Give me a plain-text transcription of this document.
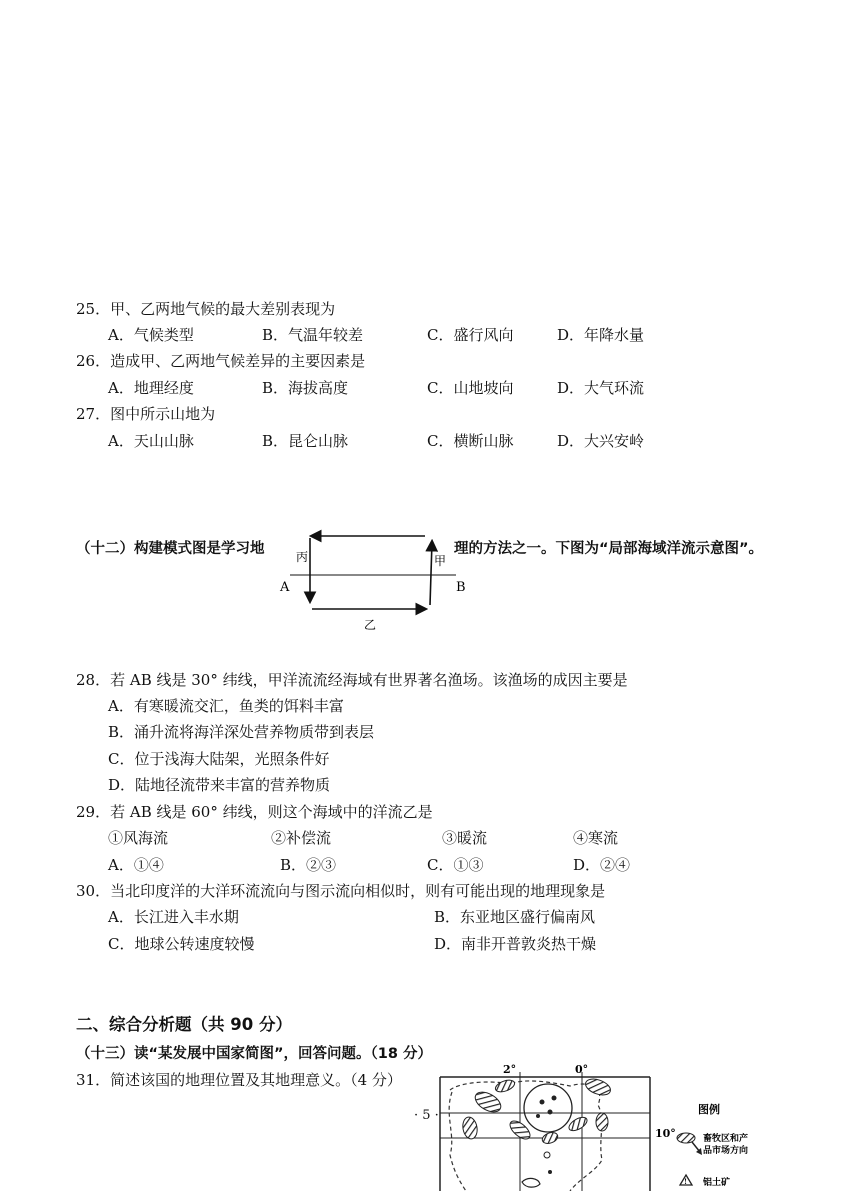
25．甲、乙两地气候的最大差别表现为
A．气候类型	B．气温年较差	C．盛行风向	D．年降水量
26．造成甲、乙两地气候差异的主要因素是
A．地理经度	B．海拔高度	C．山地坡向	D．大气环流
27．图中所示山地为
A．天山山脉	B．昆仑山脉	C．横断山脉	D．大兴安岭
（十二）构建模式图是学习地	理的方法之一。下图为“局部海域洋流示意图”。
丙	甲
A	B
乙
28．若 AB 线是 30° 纬线，甲洋流流经海域有世界著名渔场。该渔场的成因主要是
A．有寒暖流交汇，鱼类的饵料丰富
B．涌升流将海洋深处营养物质带到表层
C．位于浅海大陆架，光照条件好
D．陆地径流带来丰富的营养物质
29．若 AB 线是 60° 纬线，则这个海域中的洋流乙是
①风海流	②补偿流	③暖流	④寒流
A．①④	B．②③	C．①③	D．②④
30．当北印度洋的大洋环流流向与图示流向相似时，则有可能出现的地理现象是
A．长江进入丰水期	B．东亚地区盛行偏南风
C．地球公转速度较慢	D．南非开普敦炎热干燥
二、综合分析题（共 90 分）
（十三）读“某发展中国家简图”，回答问题。（18 分）
31．简述该国的地理位置及其地理意义。（4 分）
· 5 ·
2°	0°
10°
图例
畜牧区和产
品市场方向
! 铝土矿
